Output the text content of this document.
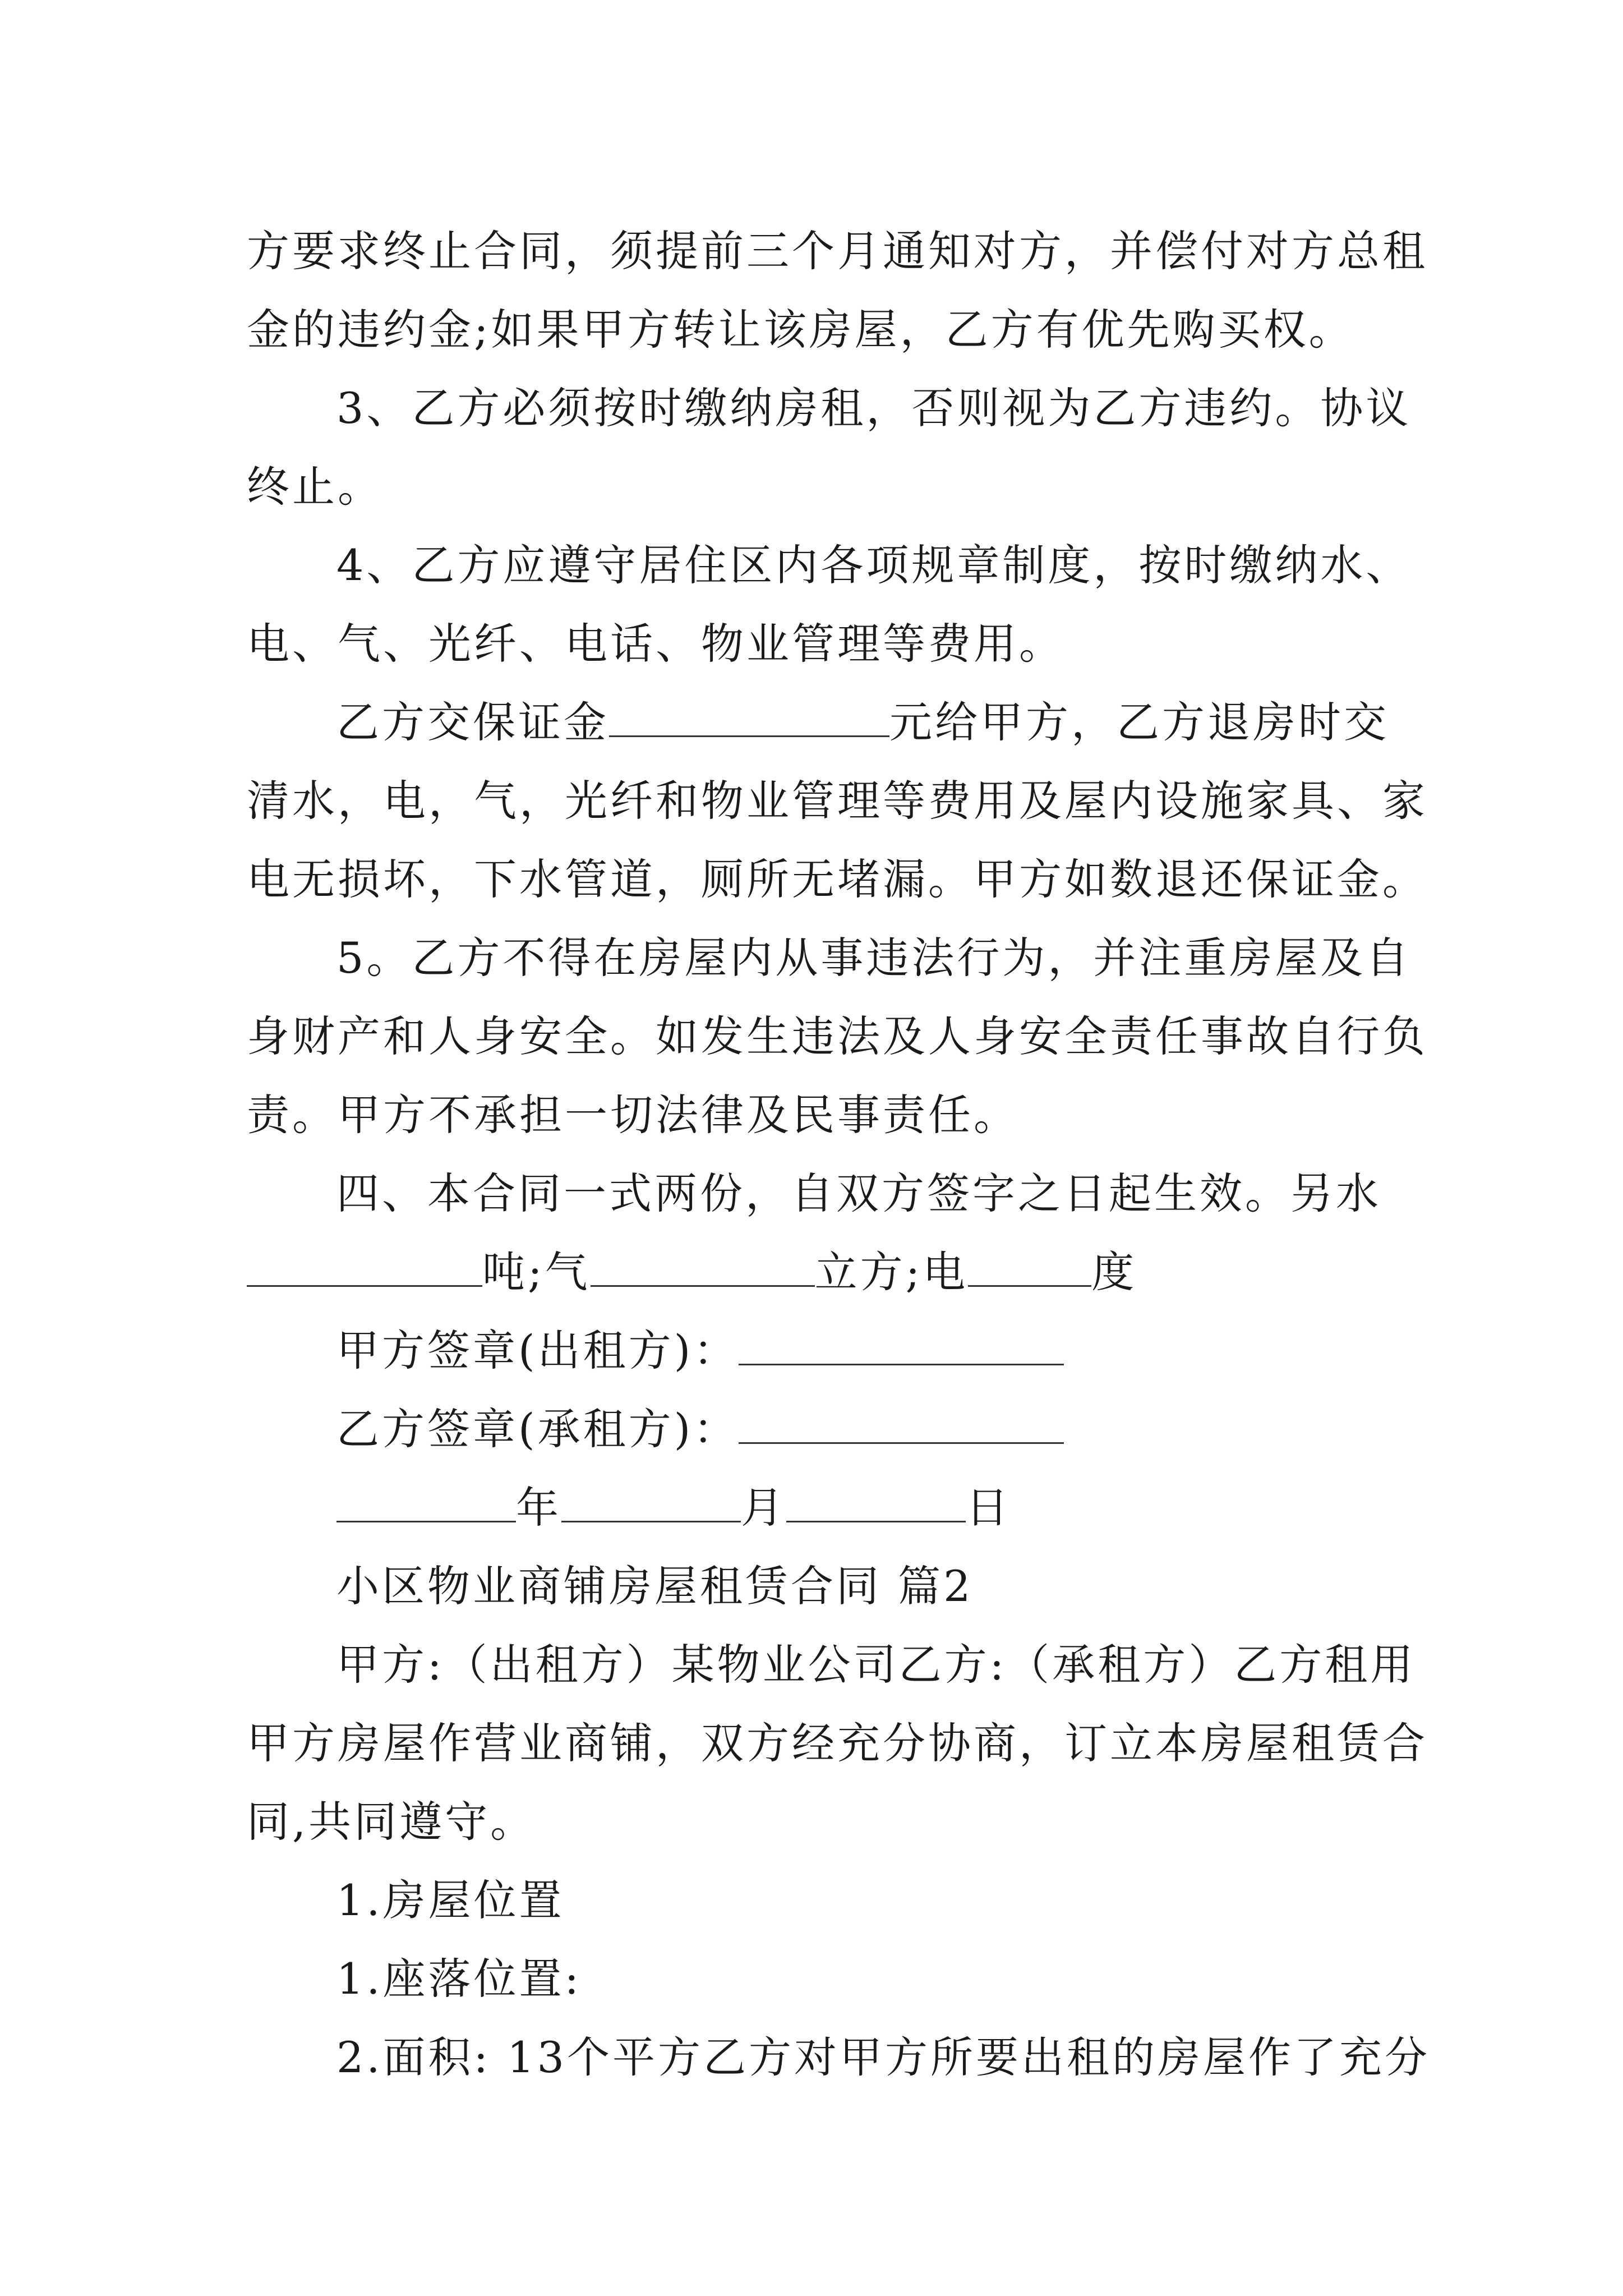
方要求终止合同，须提前三个月通知对方，并偿付对方总租
金的违约金;如果甲方转让该房屋，乙方有优先购买权。

3、乙方必须按时缴纳房租，否则视为乙方违约。协议
终止。

4、乙方应遵守居住区内各项规章制度，按时缴纳水、
电、气、光纤、电话、物业管理等费用。

乙方交保证金	元给甲方，乙方退房时交
清水，电，气，光纤和物业管理等费用及屋内设施家具、家
电无损坏，下水管道，厕所无堵漏。甲方如数退还保证金。

5。乙方不得在房屋内从事违法行为，并注重房屋及自
身财产和人身安全。如发生违法及人身安全责任事故自行负
责。甲方不承担一切法律及民事责任。

四、本合同一式两份，自双方签字之日起生效。另水
吨;气	立方;电	度

甲方签章(出租方)：

乙方签章(承租方)：

年	月	日

小区物业商铺房屋租赁合同 篇2

甲方:（出租方）某物业公司乙方:（承租方）乙方租用
甲方房屋作营业商铺，双方经充分协商，订立本房屋租赁合
同,共同遵守。

1.房屋位置

1.座落位置:

2.面积: 13个平方乙方对甲方所要出租的房屋作了充分
